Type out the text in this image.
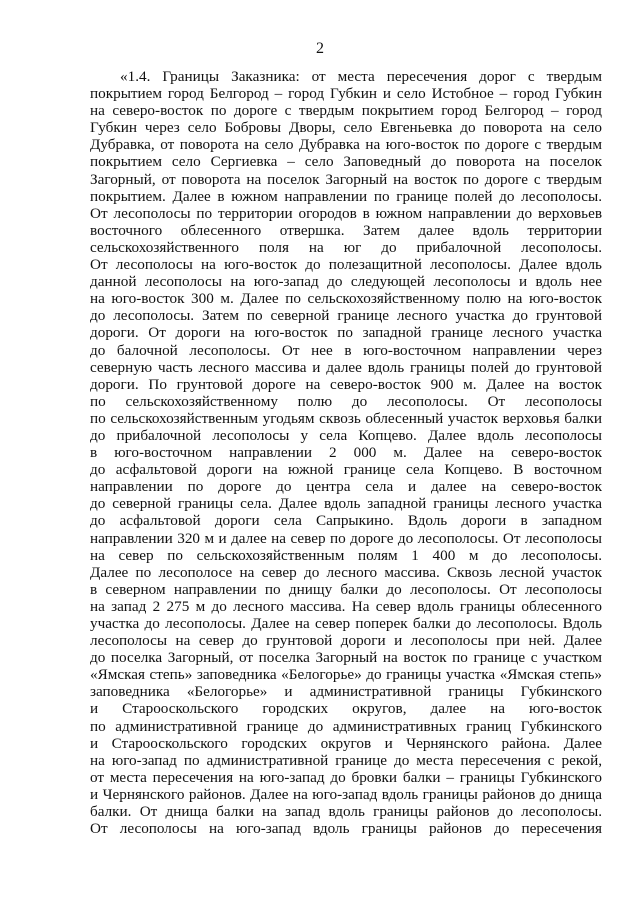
2
«1.4. Границы Заказника: от места пересечения дорог с твердым
покрытием город Белгород – город Губкин и село Истобное – город Губкин
на северо-восток по дороге с твердым покрытием город Белгород – город
Губкин через село Бобровы Дворы, село Евгеньевка до поворота на село
Дубравка, от поворота на село Дубравка на юго-восток по дороге с твердым
покрытием село Сергиевка – село Заповедный до поворота на поселок
Загорный, от поворота на поселок Загорный на восток по дороге с твердым
покрытием. Далее в южном направлении по границе полей до лесополосы.
От лесополосы по территории огородов в южном направлении до верховьев
восточного облесенного отвершка. Затем далее вдоль территории
сельскохозяйственного поля на юг до прибалочной лесополосы.
От лесополосы на юго-восток до полезащитной лесополосы. Далее вдоль
данной лесополосы на юго-запад до следующей лесополосы и вдоль нее
на юго-восток 300 м. Далее по сельскохозяйственному полю на юго-восток
до лесополосы. Затем по северной границе лесного участка до грунтовой
дороги. От дороги на юго-восток по западной границе лесного участка
до балочной лесополосы. От нее в юго-восточном направлении через
северную часть лесного массива и далее вдоль границы полей до грунтовой
дороги. По грунтовой дороге на северо-восток 900 м. Далее на восток
по сельскохозяйственному полю до лесополосы. От лесополосы
по сельскохозяйственным угодьям сквозь облесенный участок верховья балки
до прибалочной лесополосы у села Копцево. Далее вдоль лесополосы
в юго-восточном направлении 2 000 м. Далее на северо-восток
до асфальтовой дороги на южной границе села Копцево. В восточном
направлении по дороге до центра села и далее на северо-восток
до северной границы села. Далее вдоль западной границы лесного участка
до асфальтовой дороги села Сапрыкино. Вдоль дороги в западном
направлении 320 м и далее на север по дороге до лесополосы. От лесополосы
на север по сельскохозяйственным полям 1 400 м до лесополосы.
Далее по лесополосе на север до лесного массива. Сквозь лесной участок
в северном направлении по днищу балки до лесополосы. От лесополосы
на запад 2 275 м до лесного массива. На север вдоль границы облесенного
участка до лесополосы. Далее на север поперек балки до лесополосы. Вдоль
лесополосы на север до грунтовой дороги и лесополосы при ней. Далее
до поселка Загорный, от поселка Загорный на восток по границе с участком
«Ямская степь» заповедника «Белогорье» до границы участка «Ямская степь»
заповедника «Белогорье» и административной границы Губкинского
и Старооскольского городских округов, далее на юго-восток
по административной границе до административных границ Губкинского
и Старооскольского городских округов и Чернянского района. Далее
на юго-запад по административной границе до места пересечения с рекой,
от места пересечения на юго-запад до бровки балки – границы Губкинского
и Чернянского районов. Далее на юго-запад вдоль границы районов до днища
балки. От днища балки на запад вдоль границы районов до лесополосы.
От лесополосы на юго-запад вдоль границы районов до пересечения
